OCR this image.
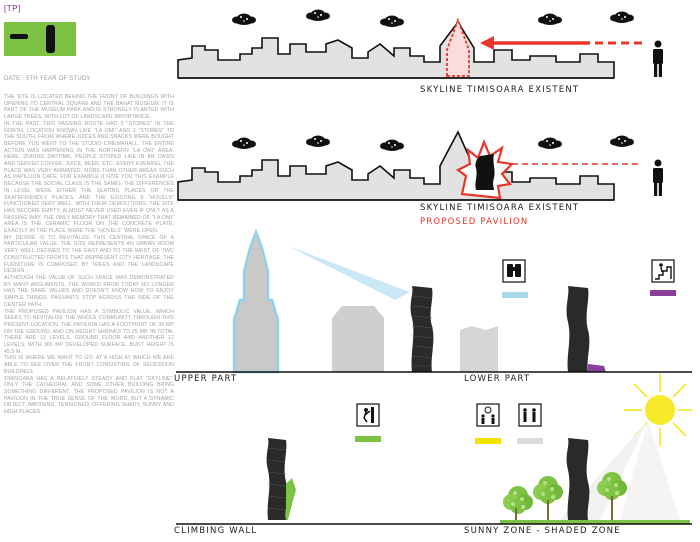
[TP]
DATE : 5TH YEAR OF STUDY

THE SITE IS LOCATED BEHIND THE FRONT OF BUILDINGS WITH OPENING TO CENTRAL SQUARE AND THE BANAT MUSEUM. IT IS PART OF THE MUSEUM PARK AND IS STRONGLY PLANTED WITH LARGE TREES, WITH LOT OF LANDSCAPE IMPORTANCE.

IN THE PAST, THIS PASSING ROUTE HAD 5 "STORES" IN THE NORTH, LOCATION KNOWN LIKE "LA OMI" AND 2 "STORES" TO THE SOUTH, FROM WHERE JUICES AND SNACKS WERE BOUGHT BEFORE YOU WENT TO THE STUDIO CINEMAHALL. THE ENTIRE ACTION WAS HAPPENING IN THE NORTHERN "LA OMI" AREA. HERE, DURING DAYTIME, PEOPLE STOPED LIKE IN AN OASIS AND SERVED COFFEE, JUICE, BEER, ETC. EVERY EVENING, THE PLACE WAS VERY ANIMATED, MORE THAN OTHER AREAS SUCH AS PAPILLION CAFE, FOR EXAMPLE (I GIVE YOU THIS EXAMPLE BECAUSE THE SOCIAL CLASS IS THE SAME). THE DIFFERENCES IN LEVEL WERE EITHER THE SEATING PLACES OR THE SKATEFRIENDLY PLACES, AND THE EXISTING 6 "HOVELS" FUNCTIONED VERY WELL. WITH THEIR DEMOLITIONS, THE SITE HAS BECOME EMPTY, ALMOST NEVER USED EVEN IF ONLY AS A PASSING WAY. THE ONLY MEMORY THAT REMAINED OF "LA OMI" AREA IS THE CERAMIC FLOOR ON THE CONCRETE PLATE, EXACTLY IN THE PLACE WERE THE "HOVELS" WERE OPEN.

MY DESIRE IS TO REVITALIZE THIS CENTRAL SPACE OF A PARTICULAR VALUE. THE SITE REPRESENTS AN URBAN ROOM VERY WELL DEFINED TO THE EAST AND TO THE WEST OF TWO CONSTRUCTED FRONTS THAT REPRESENT CITY HERITAGE. THE FURNITURE IS COMPOSED BY TREES AND THE LANDSCAPE DESIGN.

ALTHOUGH THE VALUE OF SUCH SPACE WAS DEMONSTRATED BY MANY ARGUMENTS, THE WORLD FROM TODAY NO LONGER HAS THE SAME VALUES AND DOESN'T KNOW HOW TO ENJOY SIMPLE THINGS. PASSANTS STOP ACROSS THE SIDE OF THE CENTER PATH.

THE PROPOSED PAVILION HAS A SYMBOLIC VALUE, WHICH SEEKS TO REVITALIZE THE WHOLE COMMUNITY THROUGH THIS PRESENT LOCATION. THE PAVILION HAS A FOOTPRINT OF 35 MP ON THE GROUND, AND ON HEIGHT SHRINKS TO 25 MP. IN TOTAL THERE ARE 13 LEVELS, GROUND FLOOR AND ANOTHER 12 LEVELS, WITH 365 MP DEVELOPED SURFACE. BUILT HEIGHT IS 45.5 M.

THIS IS WHERE WE WANT TO GO: AT A HIGH AT WHICH WE ARE ABLE TO SEE OVER THE FRONT CONSISTING OF SECESSION BUILDINGS.

TIMISOARA HAS A RELATIVELY STEADY AND FLAT "SKYLINE", ONLY THE CATHEDRAL AND SOME OTHER BUILDING BRING SOMETHING DIFFERENT. THE PROPOSED PAVILION IS NOT A PAVILION IN THE TRUE SENSE OF THE WORD, BUT A DYNAMIC OBJECT, IMPOSING, TENSIONED, OFFERING SHADY, SUNNY AND HIGH PLACES.

SKYLINE TIMISOARA EXISTENT
SKYLINE TIMISOARA EXISTENT
PROPOSED PAVILION
UPPER PART	LOWER PART
CLIMBING WALL	SUNNY ZONE - SHADED ZONE
